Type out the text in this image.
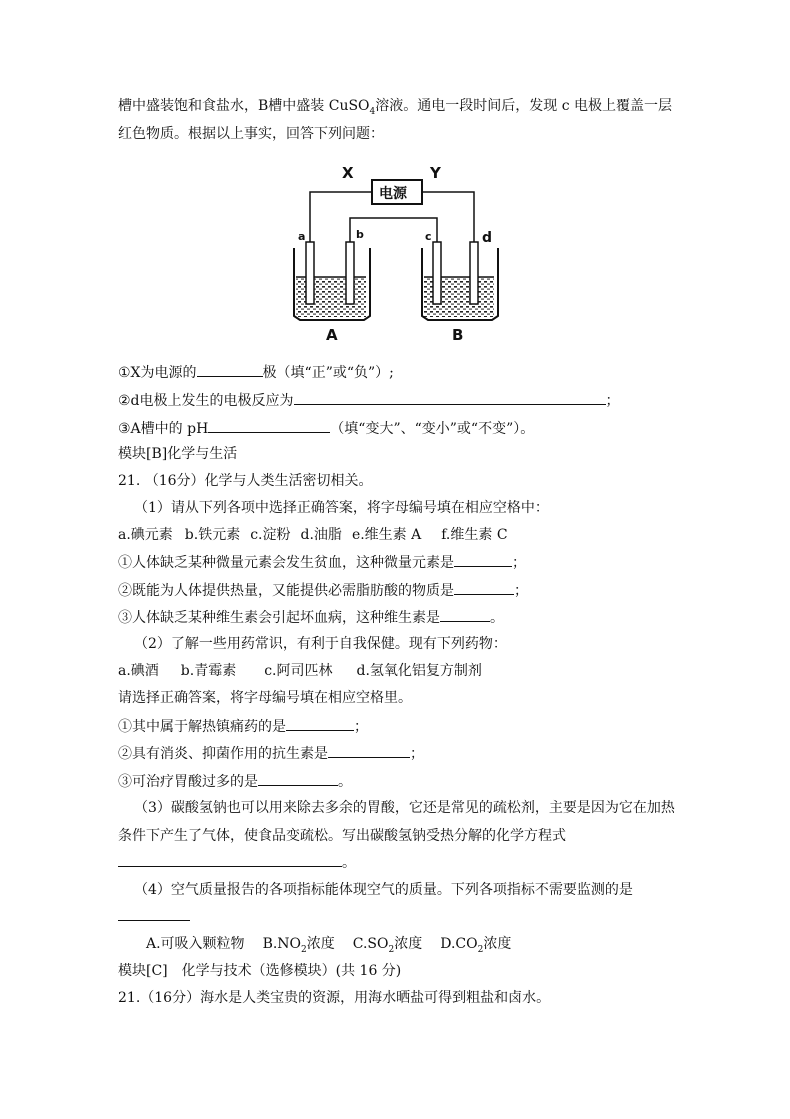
槽中盛装饱和食盐水，B槽中盛装 CuSO$_4$溶液。通电一段时间后，发现 c 电极上覆盖一层
红色物质。根据以上事实，回答下列问题：
X	Y
电源
a	b	c	d
A	B
①X为电源的	极（填“正”或“负”）;
②d电极上发生的电极反应为	；
③A槽中的 pH	（填“变大”、“变小”或“不变”）。
模块[B]化学与生活
21. （16分）化学与人类生活密切相关。
（1）请从下列各项中选择正确答案，将字母编号填在相应空格中：
a.碘元素 b.铁元素 c.淀粉 d.油脂 e.维生素 A f.维生素 C
①人体缺乏某种微量元素会发生贫血，这种微量元素是	；
②既能为人体提供热量，又能提供必需脂肪酸的物质是	；
③人体缺乏某种维生素会引起坏血病，这种维生素是	。
（2）了解一些用药常识，有利于自我保健。现有下列药物：
a.碘酒 b.青霉素 c.阿司匹林 d.氢氧化铝复方制剂
请选择正确答案，将字母编号填在相应空格里。
①其中属于解热镇痛药的是	；
②具有消炎、抑菌作用的抗生素是	；
③可治疗胃酸过多的是	。
（3）碳酸氢钠也可以用来除去多余的胃酸，它还是常见的疏松剂，主要是因为它在加热
条件下产生了气体，使食品变疏松。写出碳酸氢钠受热分解的化学方程式
。
（4）空气质量报告的各项指标能体现空气的质量。下列各项指标不需要监测的是
A.可吸入颗粒物 $B.NO_2$浓度 $C.SO_2$浓度 $D.CO_2$浓度
模块[C]　化学与技术（选修模块）(共 16 分)
21.（16分）海水是人类宝贵的资源，用海水晒盐可得到粗盐和卤水。
